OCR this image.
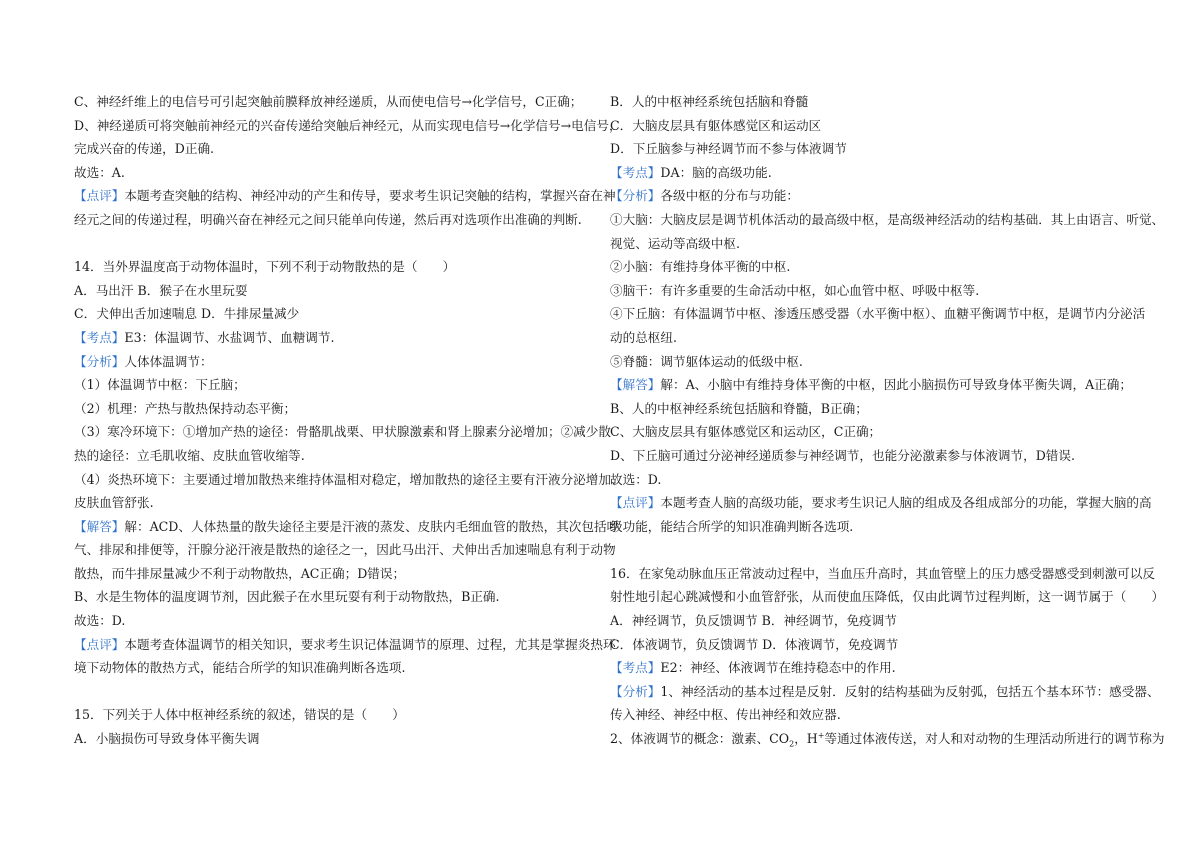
C、神经纤维上的电信号可引起突触前膜释放神经递质，从而使电信号→化学信号，C正确；
D、神经递质可将突触前神经元的兴奋传递给突触后神经元，从而实现电信号→化学信号→电信号，
完成兴奋的传递，D正确.
故选：A.
【点评】本题考查突触的结构、神经冲动的产生和传导，要求考生识记突触的结构，掌握兴奋在神
经元之间的传递过程，明确兴奋在神经元之间只能单向传递，然后再对选项作出准确的判断.
14．当外界温度高于动物体温时，下列不利于动物散热的是（　　）
A．马出汗 B．猴子在水里玩耍
C．犬伸出舌加速喘息 D．牛排尿量减少
【考点】E3：体温调节、水盐调节、血糖调节.
【分析】人体体温调节：
（1）体温调节中枢：下丘脑；
（2）机理：产热与散热保持动态平衡；
（3）寒冷环境下：①增加产热的途径：骨骼肌战栗、甲状腺激素和肾上腺素分泌增加；②减少散
热的途径：立毛肌收缩、皮肤血管收缩等.
（4）炎热环境下：主要通过增加散热来维持体温相对稳定，增加散热的途径主要有汗液分泌增加、
皮肤血管舒张.
【解答】解：ACD、人体热量的散失途径主要是汗液的蒸发、皮肤内毛细血管的散热，其次包括呼
气、排尿和排便等，汗腺分泌汗液是散热的途径之一，因此马出汗、犬伸出舌加速喘息有利于动物
散热，而牛排尿量减少不利于动物散热，AC正确；D错误；
B、水是生物体的温度调节剂，因此猴子在水里玩耍有利于动物散热，B正确.
故选：D.
【点评】本题考查体温调节的相关知识，要求考生识记体温调节的原理、过程，尤其是掌握炎热环
境下动物体的散热方式，能结合所学的知识准确判断各选项.
15．下列关于人体中枢神经系统的叙述，错误的是（　　）
A．小脑损伤可导致身体平衡失调
B．人的中枢神经系统包括脑和脊髓
C．大脑皮层具有躯体感觉区和运动区
D．下丘脑参与神经调节而不参与体液调节
【考点】DA：脑的高级功能.
【分析】各级中枢的分布与功能：
①大脑：大脑皮层是调节机体活动的最高级中枢，是高级神经活动的结构基础．其上由语言、听觉、
视觉、运动等高级中枢.
②小脑：有维持身体平衡的中枢.
③脑干：有许多重要的生命活动中枢，如心血管中枢、呼吸中枢等.
④下丘脑：有体温调节中枢、渗透压感受器（水平衡中枢）、血糖平衡调节中枢，是调节内分泌活
动的总枢纽.
⑤脊髓：调节躯体运动的低级中枢.
【解答】解：A、小脑中有维持身体平衡的中枢，因此小脑损伤可导致身体平衡失调，A正确；
B、人的中枢神经系统包括脑和脊髓，B正确；
C、大脑皮层具有躯体感觉区和运动区，C正确；
D、下丘脑可通过分泌神经递质参与神经调节，也能分泌激素参与体液调节，D错误.
故选：D.
【点评】本题考查人脑的高级功能，要求考生识记人脑的组成及各组成部分的功能，掌握大脑的高
级功能，能结合所学的知识准确判断各选项.
16．在家兔动脉血压正常波动过程中，当血压升高时，其血管壁上的压力感受器感受到刺激可以反
射性地引起心跳减慢和小血管舒张，从而使血压降低，仅由此调节过程判断，这一调节属于（　　）
A．神经调节，负反馈调节 B．神经调节，免疫调节
C．体液调节，负反馈调节 D．体液调节，免疫调节
【考点】E2：神经、体液调节在维持稳态中的作用.
【分析】1、神经活动的基本过程是反射．反射的结构基础为反射弧，包括五个基本环节：感受器、
传入神经、神经中枢、传出神经和效应器.
2、体液调节的概念：激素、$CO_2$，H+等通过体液传送，对人和对动物的生理活动所进行的调节称为
